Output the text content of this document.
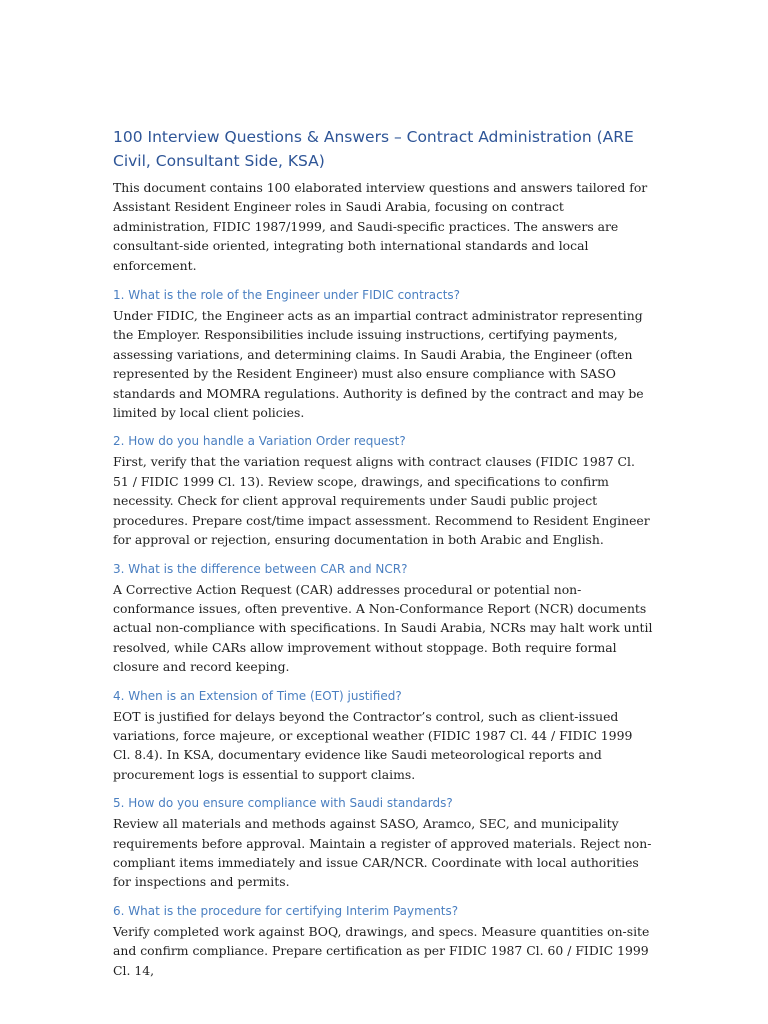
100 Interview Questions & Answers – Contract Administration (ARE Civil, Consultant Side, KSA)

This document contains 100 elaborated interview questions and answers tailored for Assistant Resident Engineer roles in Saudi Arabia, focusing on contract administration, FIDIC 1987/1999, and Saudi-specific practices. The answers are consultant-side oriented, integrating both international standards and local enforcement.

1. What is the role of the Engineer under FIDIC contracts?

Under FIDIC, the Engineer acts as an impartial contract administrator representing the Employer. Responsibilities include issuing instructions, certifying payments, assessing variations, and determining claims. In Saudi Arabia, the Engineer (often represented by the Resident Engineer) must also ensure compliance with SASO standards and MOMRA regulations. Authority is defined by the contract and may be limited by local client policies.

2. How do you handle a Variation Order request?

First, verify that the variation request aligns with contract clauses (FIDIC 1987 Cl. 51 / FIDIC 1999 Cl. 13). Review scope, drawings, and specifications to confirm necessity. Check for client approval requirements under Saudi public project procedures. Prepare cost/time impact assessment. Recommend to Resident Engineer for approval or rejection, ensuring documentation in both Arabic and English.

3. What is the difference between CAR and NCR?

A Corrective Action Request (CAR) addresses procedural or potential non-conformance issues, often preventive. A Non-Conformance Report (NCR) documents actual non-compliance with specifications. In Saudi Arabia, NCRs may halt work until resolved, while CARs allow improvement without stoppage. Both require formal closure and record keeping.

4. When is an Extension of Time (EOT) justified?

EOT is justified for delays beyond the Contractor’s control, such as client-issued variations, force majeure, or exceptional weather (FIDIC 1987 Cl. 44 / FIDIC 1999 Cl. 8.4). In KSA, documentary evidence like Saudi meteorological reports and procurement logs is essential to support claims.

5. How do you ensure compliance with Saudi standards?

Review all materials and methods against SASO, Aramco, SEC, and municipality requirements before approval. Maintain a register of approved materials. Reject non-compliant items immediately and issue CAR/NCR. Coordinate with local authorities for inspections and permits.

6. What is the procedure for certifying Interim Payments?

Verify completed work against BOQ, drawings, and specs. Measure quantities on-site and confirm compliance. Prepare certification as per FIDIC 1987 Cl. 60 / FIDIC 1999 Cl. 14,
